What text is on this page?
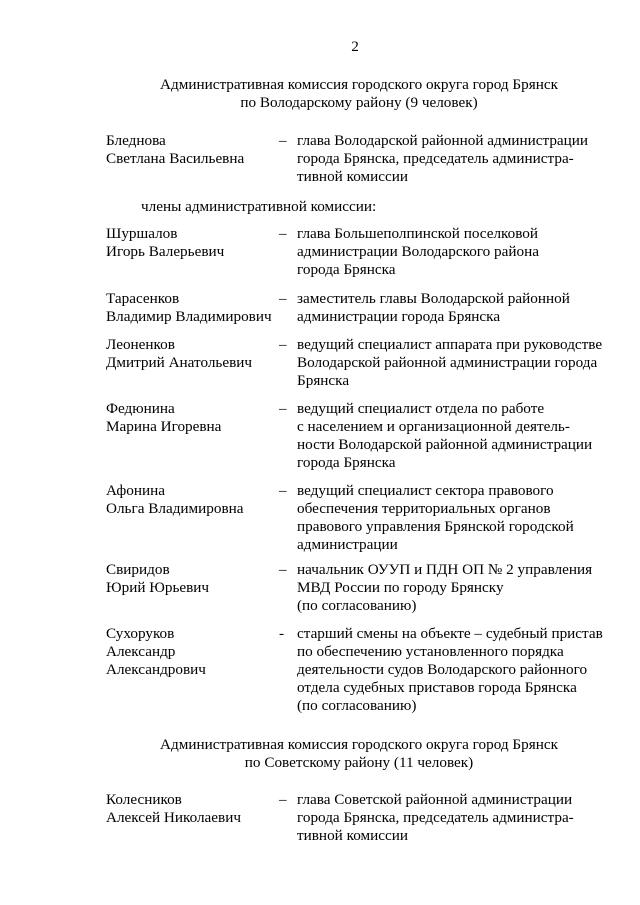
2
Административная комиссия городского округа город Брянск
по Володарскому району (9 человек)
Бледнова
Светлана Васильевна
– глава Володарской районной администрации
города Брянска, председатель администра-
тивной комиссии
члены административной комиссии:
Шуршалов
Игорь Валерьевич
– глава Большеполпинской поселковой
администрации Володарского района
города Брянска
Тарасенков
Владимир Владимирович
– заместитель главы Володарской районной
администрации города Брянска
Леоненков
Дмитрий Анатольевич
– ведущий специалист аппарата при руководстве
Володарской районной администрации города
Брянска
Федюнина
Марина Игоревна
– ведущий специалист отдела по работе
с населением и организационной деятель-
ности Володарской районной администрации
города Брянска
Афонина
Ольга Владимировна
– ведущий специалист сектора правового
обеспечения территориальных органов
правового управления Брянской городской
администрации
Свиридов
Юрий Юрьевич
– начальник ОУУП и ПДН ОП № 2 управления
МВД России по городу Брянску
(по согласованию)
Сухоруков
Александр
Александрович
- старший смены на объекте – судебный пристав
по обеспечению установленного порядка
деятельности судов Володарского районного
отдела судебных приставов города Брянска
(по согласованию)
Административная комиссия городского округа город Брянск
по Советскому району (11 человек)
Колесников
Алексей Николаевич
– глава Советской районной администрации
города Брянска, председатель администра-
тивной комиссии
